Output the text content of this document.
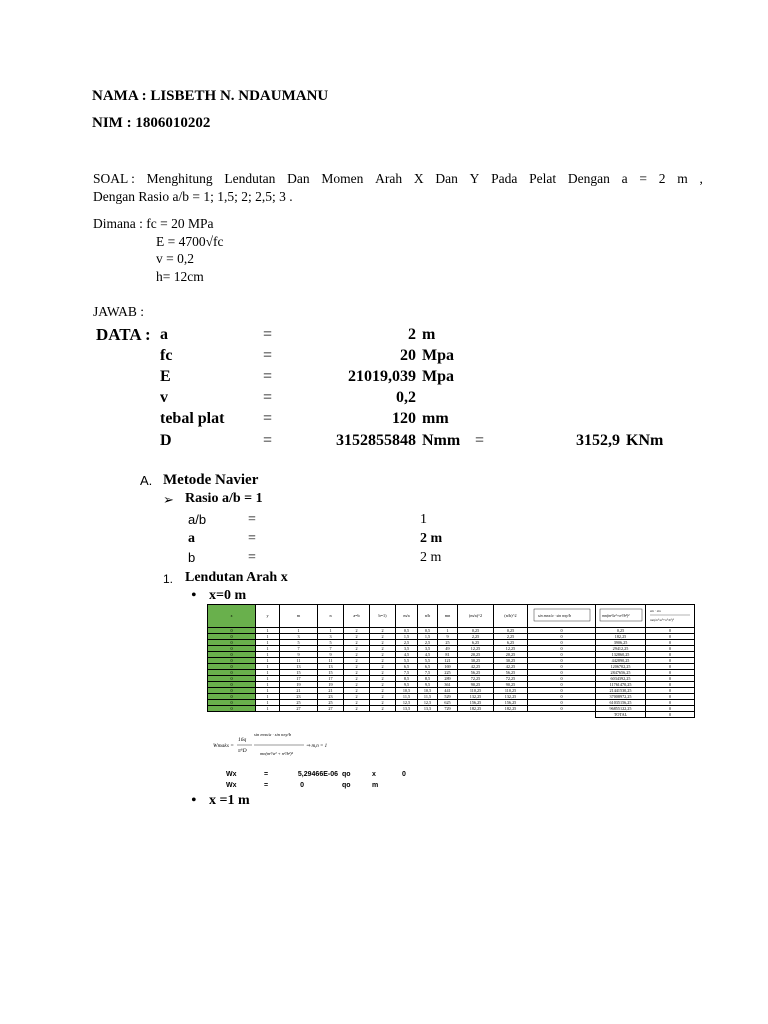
NAMA : LISBETH N. NDAUMANU
NIM : 1806010202
SOAL : Menghitung Lendutan Dan Momen Arah X Dan Y Pada Pelat Dengan a = 2 m ,
Dengan Rasio a/b = 1; 1,5; 2; 2,5; 3 .
Dimana : fc = 20 MPa
E = 4700√fc
v = 0,2
h= 12cm
JAWAB :
DATA : a	=	2 m
fc	=	20 Mpa
E	=	21019,039 Mpa
v	=	0,2
tebal plat =	120 mm
D	=	3152855848 Nmm =	3152,9 KNm
A. Metode Navier
➢ Rasio a/b = 1
a/b	=	1
a	=	2 m
b	=	2 m
1. Lendutan Arah x
• x=0 m
x	y	m	n	a=b	b=1)	m/a	n/b	mn	(m/a)^2	(n/b)^2	sin mπx/a · sin nπy/b	mn(m²/a²+n²/b²)²	sin · sin
mn(m²/a²+n²/b²)²

0	1	1	1	2	2	0,5	0,5	1	0,25	0,25	0	0,25	0
0	1	3	3	2	2	1,5	1,5	9	2,25	2,25	0	182,25	0
0	1	5	5	2	2	2,5	2,5	25	6,25	6,25	0	3906,25	0
0	1	7	7	2	2	3,5	3,5	49	12,25	12,25	0	29412,25	0
0	1	9	9	2	2	4,5	4,5	81	20,25	20,25	0	132860,25	0
0	1	11	11	2	2	5,5	5,5	121	30,25	30,25	0	442890,25	0
0	1	13	13	2	2	6,5	6,5	169	42,25	42,25	0	1206702,25	0
0	1	15	15	2	2	7,5	7,5	225	56,25	56,25	0	2847656,25	0
0	1	17	17	2	2	8,5	8,5	289	72,25	72,25	0	6034392,25	0
0	1	19	19	2	2	9,5	9,5	361	90,25	90,25	0	11761470,25	0
0	1	21	21	2	2	10,5	10,5	441	110,25	110,25	0	21441530,25	0
0	1	23	23	2	2	11,5	11,5	529	132,25	132,25	0	37008972,25	0
0	1	25	25	2	2	12,5	12,5	625	156,25	156,25	0	61035156,25	0
0	1	27	27	2	2	13,5	13,5	729	182,25	182,25	0	96855122,25	0
												TOTAL	0
Wmaks =
16q
π⁶D
sin mπx/a · sin nπy/b
mn(m²/a² + n²/b²)²
⇒ m,n = 1
Wx	=	5,29466E-06 qo	x	0
Wx	=	0	qo	m
• x =1 m
